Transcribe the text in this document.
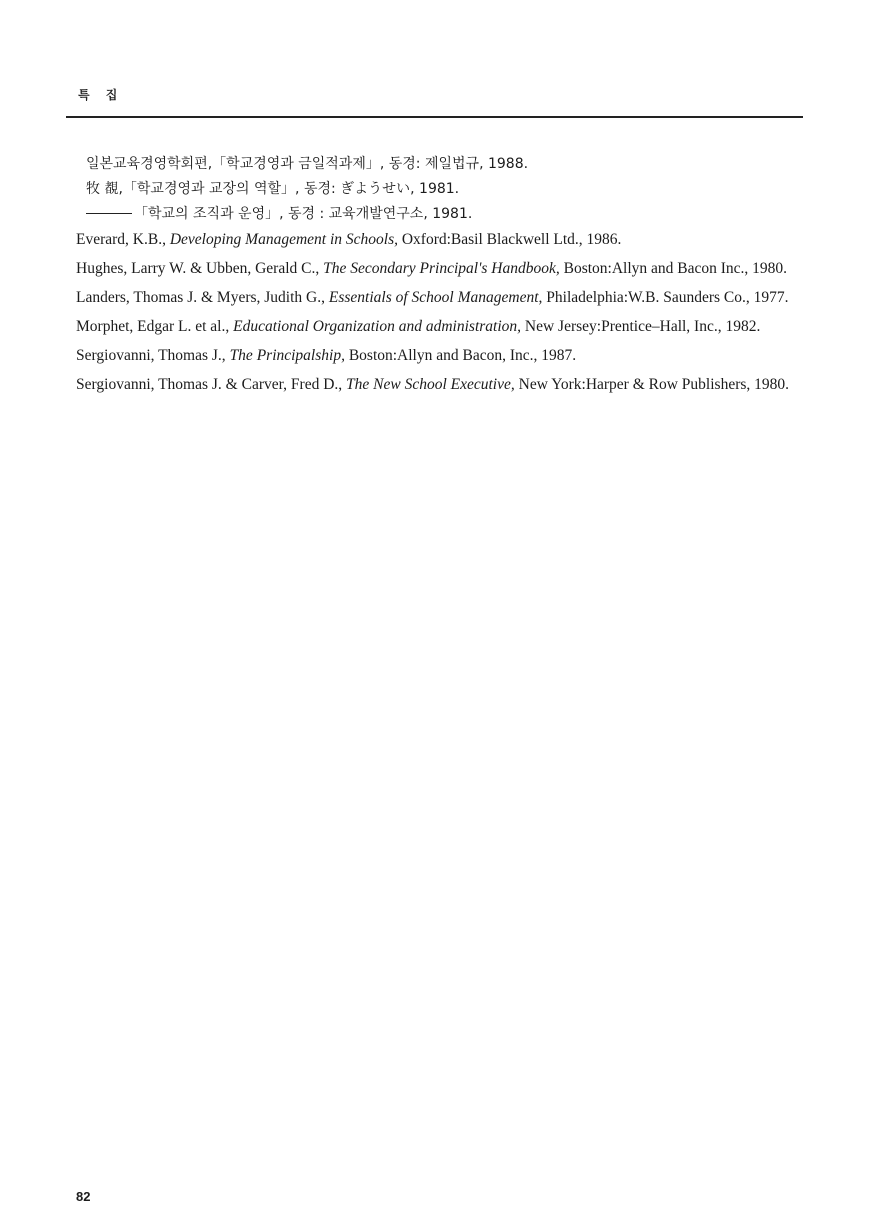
특 집

일본교육경영학회편,「학교경영과 금일적과제」, 동경: 제일법규, 1988.

牧 覩,「학교경영과 교장의 역할」, 동경: ぎようせい, 1981.

「학교의 조직과 운영」, 동경 : 교육개발연구소, 1981.

Everard, K.B., Developing Management in Schools, Oxford:Basil Blackwell Ltd., 1986.

Hughes, Larry W. & Ubben, Gerald C., The Secondary Principal's Handbook, Boston:Allyn and Bacon Inc., 1980.

Landers, Thomas J. & Myers, Judith G., Essentials of School Management, Philadelphia:W.B. Saunders Co., 1977.

Morphet, Edgar L. et al., Educational Organization and administration, New Jersey:Prentice–Hall, Inc., 1982.

Sergiovanni, Thomas J., The Principalship, Boston:Allyn and Bacon, Inc., 1987.

Sergiovanni, Thomas J. & Carver, Fred D., The New School Executive, New York:Harper & Row Publishers, 1980.

82
